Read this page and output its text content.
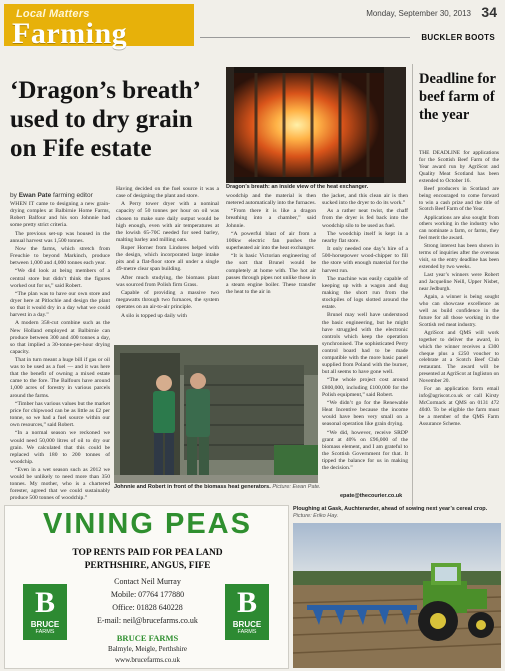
Local Matters
Farming
Monday, September 30, 2013 34
BUCKLER BOOTS
‘Dragon’s breath’ used to dry grain on Fife estate
by Ewan Pate farming editor

WHEN IT came to designing a new grain-drying complex at Balbirnie Home Farms, Robert Balfour and his son Johnnie had some pretty strict criteria.

The previous set-up was housed in the annual harvest was 1,500 tonnes.

Now the farms, which stretch from Freuchie to beyond Markinch, produce between 1,000 and 4,000 tonnes each year.

“We did look at being members of a central store but didn’t think the figures worked out for us,” said Robert.

“The plan was to have our own store and dryer here at Pitlochie and design the plant so that it would dry in a day what we could harvest in a day.”

A modern 358-cut combine such as the New Holland employed at Balbirnie can produce between 300 and 400 tonnes a day, so that implied a 30-tonne-per-hour drying capacity.

That in turn meant a huge bill if gas or oil was to be used as a fuel — and it was here that the benefit of owning a mixed estate came to the fore. The Balfours have around 1,000 acres of forestry in various parcels around the farms.

“Timber has various values but the market price for chipwood can be as little as £2 per tonne, so we had a fuel source within our own resources,” said Robert.

“In a normal season we reckoned we would need 50,000 litres of oil to dry our grain. We calculated that this could be replaced with 180 to 200 tonnes of woodchip.

“Even in a wet season such as 2012 we would be unlikely to need more than 350 tonnes. My mother, who is a chartered forester, agreed that we could sustainably produce 500 tonnes of woodchip.”

Having decided on the fuel source it was a case of designing the plant and store.

A Perry tower dryer with a nominal capacity of 50 tonnes per hour on oil was chosen to make sure daily output would be high enough, even with air temperatures at the lowish 65-70C needed for seed barley, malting barley and milling oats.

Ruper Horner from Lindores helped with the design, which incorporated large intake pits and a flat-floor store all under a single 49-metre clear span building.

After much studying, the biomass plant was sourced from Polish firm Grass.

Capable of providing a massive two megawatts through two furnaces, the system operates on an air-to-air principle.

A silo is topped up daily with

woodchip and the material is then metered automatically into the furnaces.

“From there it is like a dragon breathing into a chamber,” said Johnnie.

“A powerful blast of air from a 100kw electric fan pushes the superheated air into the heat exchanger.

“It is basic Victorian engineering of the sort that Brunel would be completely at home with. The hot air passes through pipes not unlike those in a steam engine boiler. These transfer the heat to the air in

the jacket, and this clean air is then sucked into the dryer to do its work.”

As a rather neat twist, the chaff from the dryer is fed back into the woodchip silo to be used as fuel.

The woodchip itself is kept in a nearby flat store.

It only needed one day’s hire of a 500-horsepower wood-chipper to fill the store with enough material for the harvest run.

The machine was easily capable of keeping up with a wagon and dug making the short run from the stockpiles of logs slotted around the estate.

Brunel may well have understood the basic engineering, but he might have struggled with the electronic controls which keep the operation synchronised. The sophisticated Perry control board had to be made compatible with the more basic panel supplied from Poland with the burner, but all seems to have gone well.

“The whole project cost around £800,000, including £100,000 for the Polish equipment,” said Robert.

“We didn’t go for the Renewable Heat Incentive because the income would have been very small on a seasonal operation like grain drying.

“We did, however, receive SRDP grant at 40% on £96,000 of the biomass element, and I am grateful to the Scottish Government for that. It tipped the balance for us in making the decision.”

epate@thecourier.co.uk
Dragon’s breath: an inside view of the heat exchanger.
Johnnie and Robert in front of the biomass heat generators. Picture: Ewan Pate.
Deadline for beef farm of the year

THE DEADLINE for applications for the Scottish Beef Farm of the Year award run by AgriScot and Quality Meat Scotland has been extended to October 16.

Beef producers in Scotland are being encouraged to come forward to win a cash prize and the title of Scotch Beef Farm of the Year.

Applications are also sought from others working in the industry who can nominate a farm, or farms, they feel merit the award.

Strong interest has been shown in terms of inquiries after the overseas visit, so the entry deadline has been extended by two weeks.

Last year’s winners were Robert and Jacqueline Neill, Upper Nisbet, near Jedburgh.

Again, a winner is being sought who can showcase excellence as well as build confidence in the future for all those working in the Scottish red meat industry.

AgriScot and QMS will work together to deliver the award, in which the winner receives a £300 cheque plus a £250 voucher to celebrate at a Scotch Beef Club restaurant. The award will be presented at AgriScot at Ingliston on November 20.

For an application form email info@agriscot.co.uk or call Kirsty McCormack at QMS on 0131 472 4040. To be eligible the farm must be a member of the QMS Farm Assurance Scheme.

VINING PEAS
TOP RENTS PAID FOR PEA LAND
PERTHSHIRE, ANGUS, FIFE
Contact Neil Murray
Mobile: 07764 177880
Office: 01828 640228
E-mail: neil@brucefarms.co.uk
BRUCE FARMS
Balmyle, Meigle, Perthshire
www.brucefarms.co.uk
B
BRUCE
FARMS
B
BRUCE
FARMS
Ploughing at Gask, Auchterarder, ahead of sowing next year’s cereal crop. Picture: Eriko Hay.
